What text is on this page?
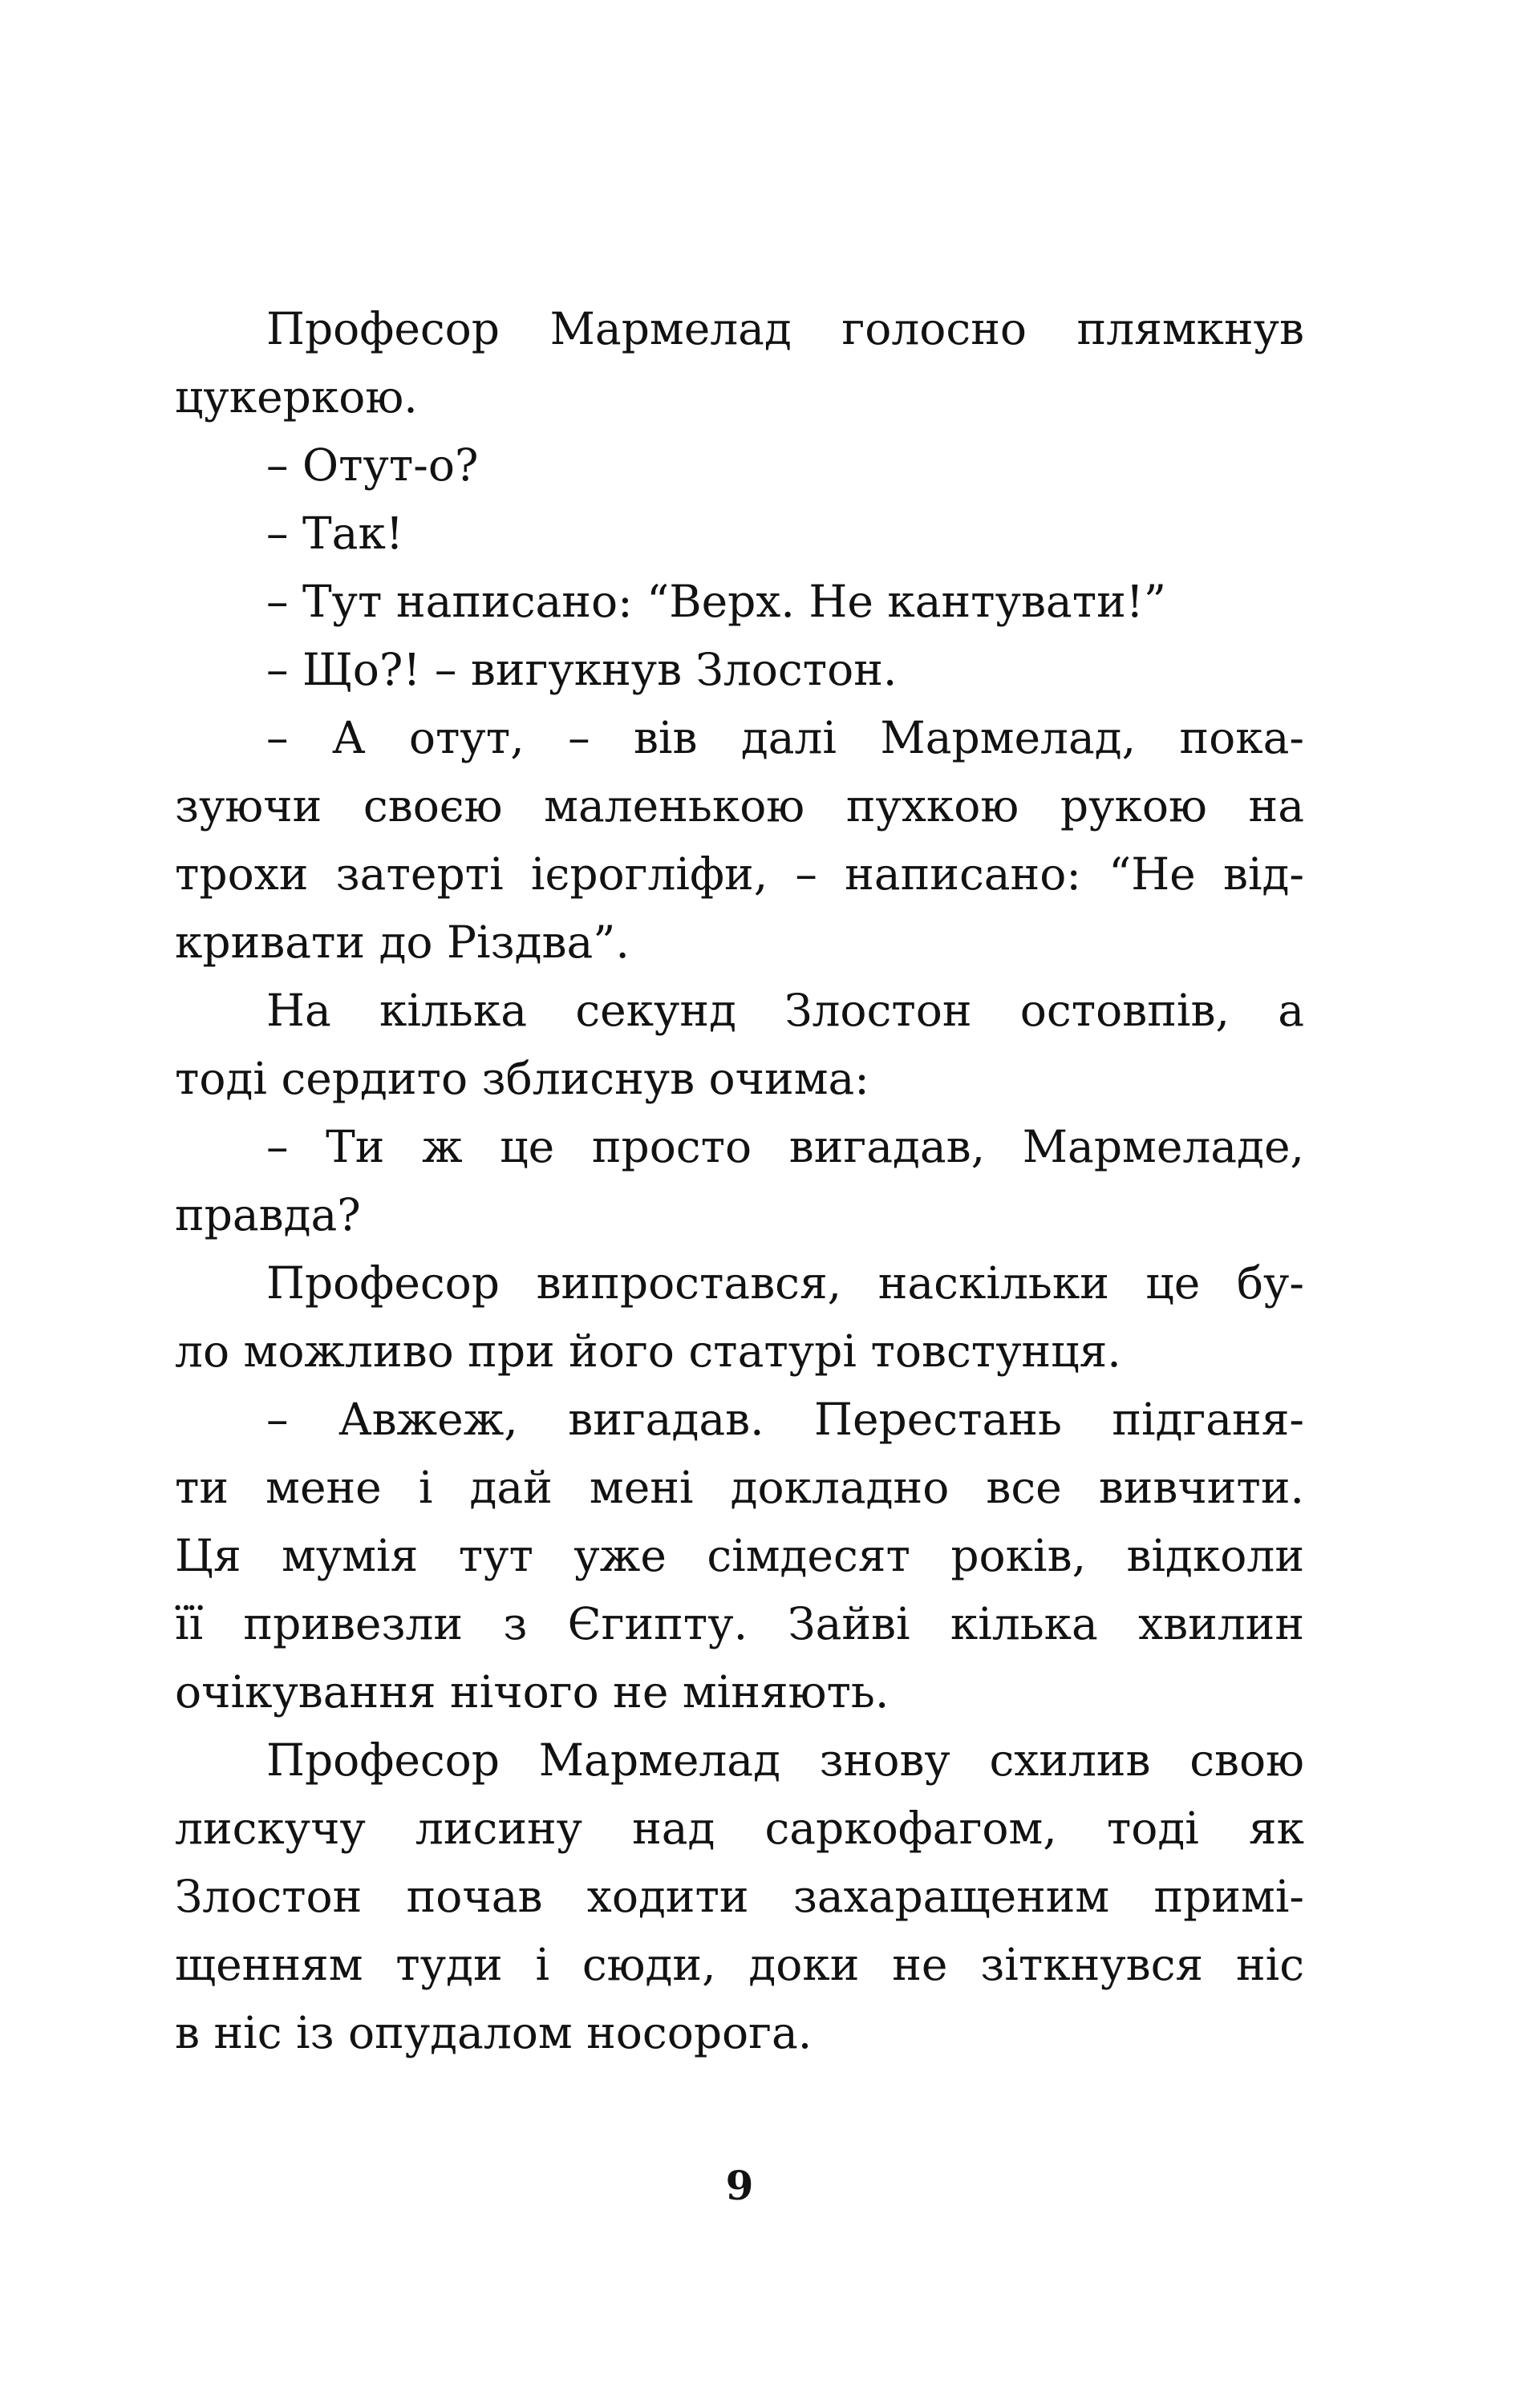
Професор Мармелад голосно плямкнув
цукеркою.
– Отут-о?
– Так!
– Тут написано: “Верх. Не кантувати!”
– Що?! – вигукнув Злостон.
– А отут, – вів далі Мармелад, пока-
зуючи своєю маленькою пухкою рукою на
трохи затерті ієрогліфи, – написано: “Не від-
кривати до Різдва”.
На кілька секунд Злостон остовпів, а
тоді сердито зблиснув очима:
– Ти ж це просто вигадав, Мармеладе,
правда?
Професор випростався, наскільки це бу-
ло можливо при його статурі товстунця.
– Авжеж, вигадав. Перестань підганя-
ти мене і дай мені докладно все вивчити.
Ця мумія тут уже сімдесят років, відколи
її привезли з Єгипту. Зайві кілька хвилин
очікування нічого не міняють.
Професор Мармелад знову схилив свою
лискучу лисину над саркофагом, тоді як
Злостон почав ходити захаращеним примі-
щенням туди і сюди, доки не зіткнувся ніс
в ніс із опудалом носорога.
9
